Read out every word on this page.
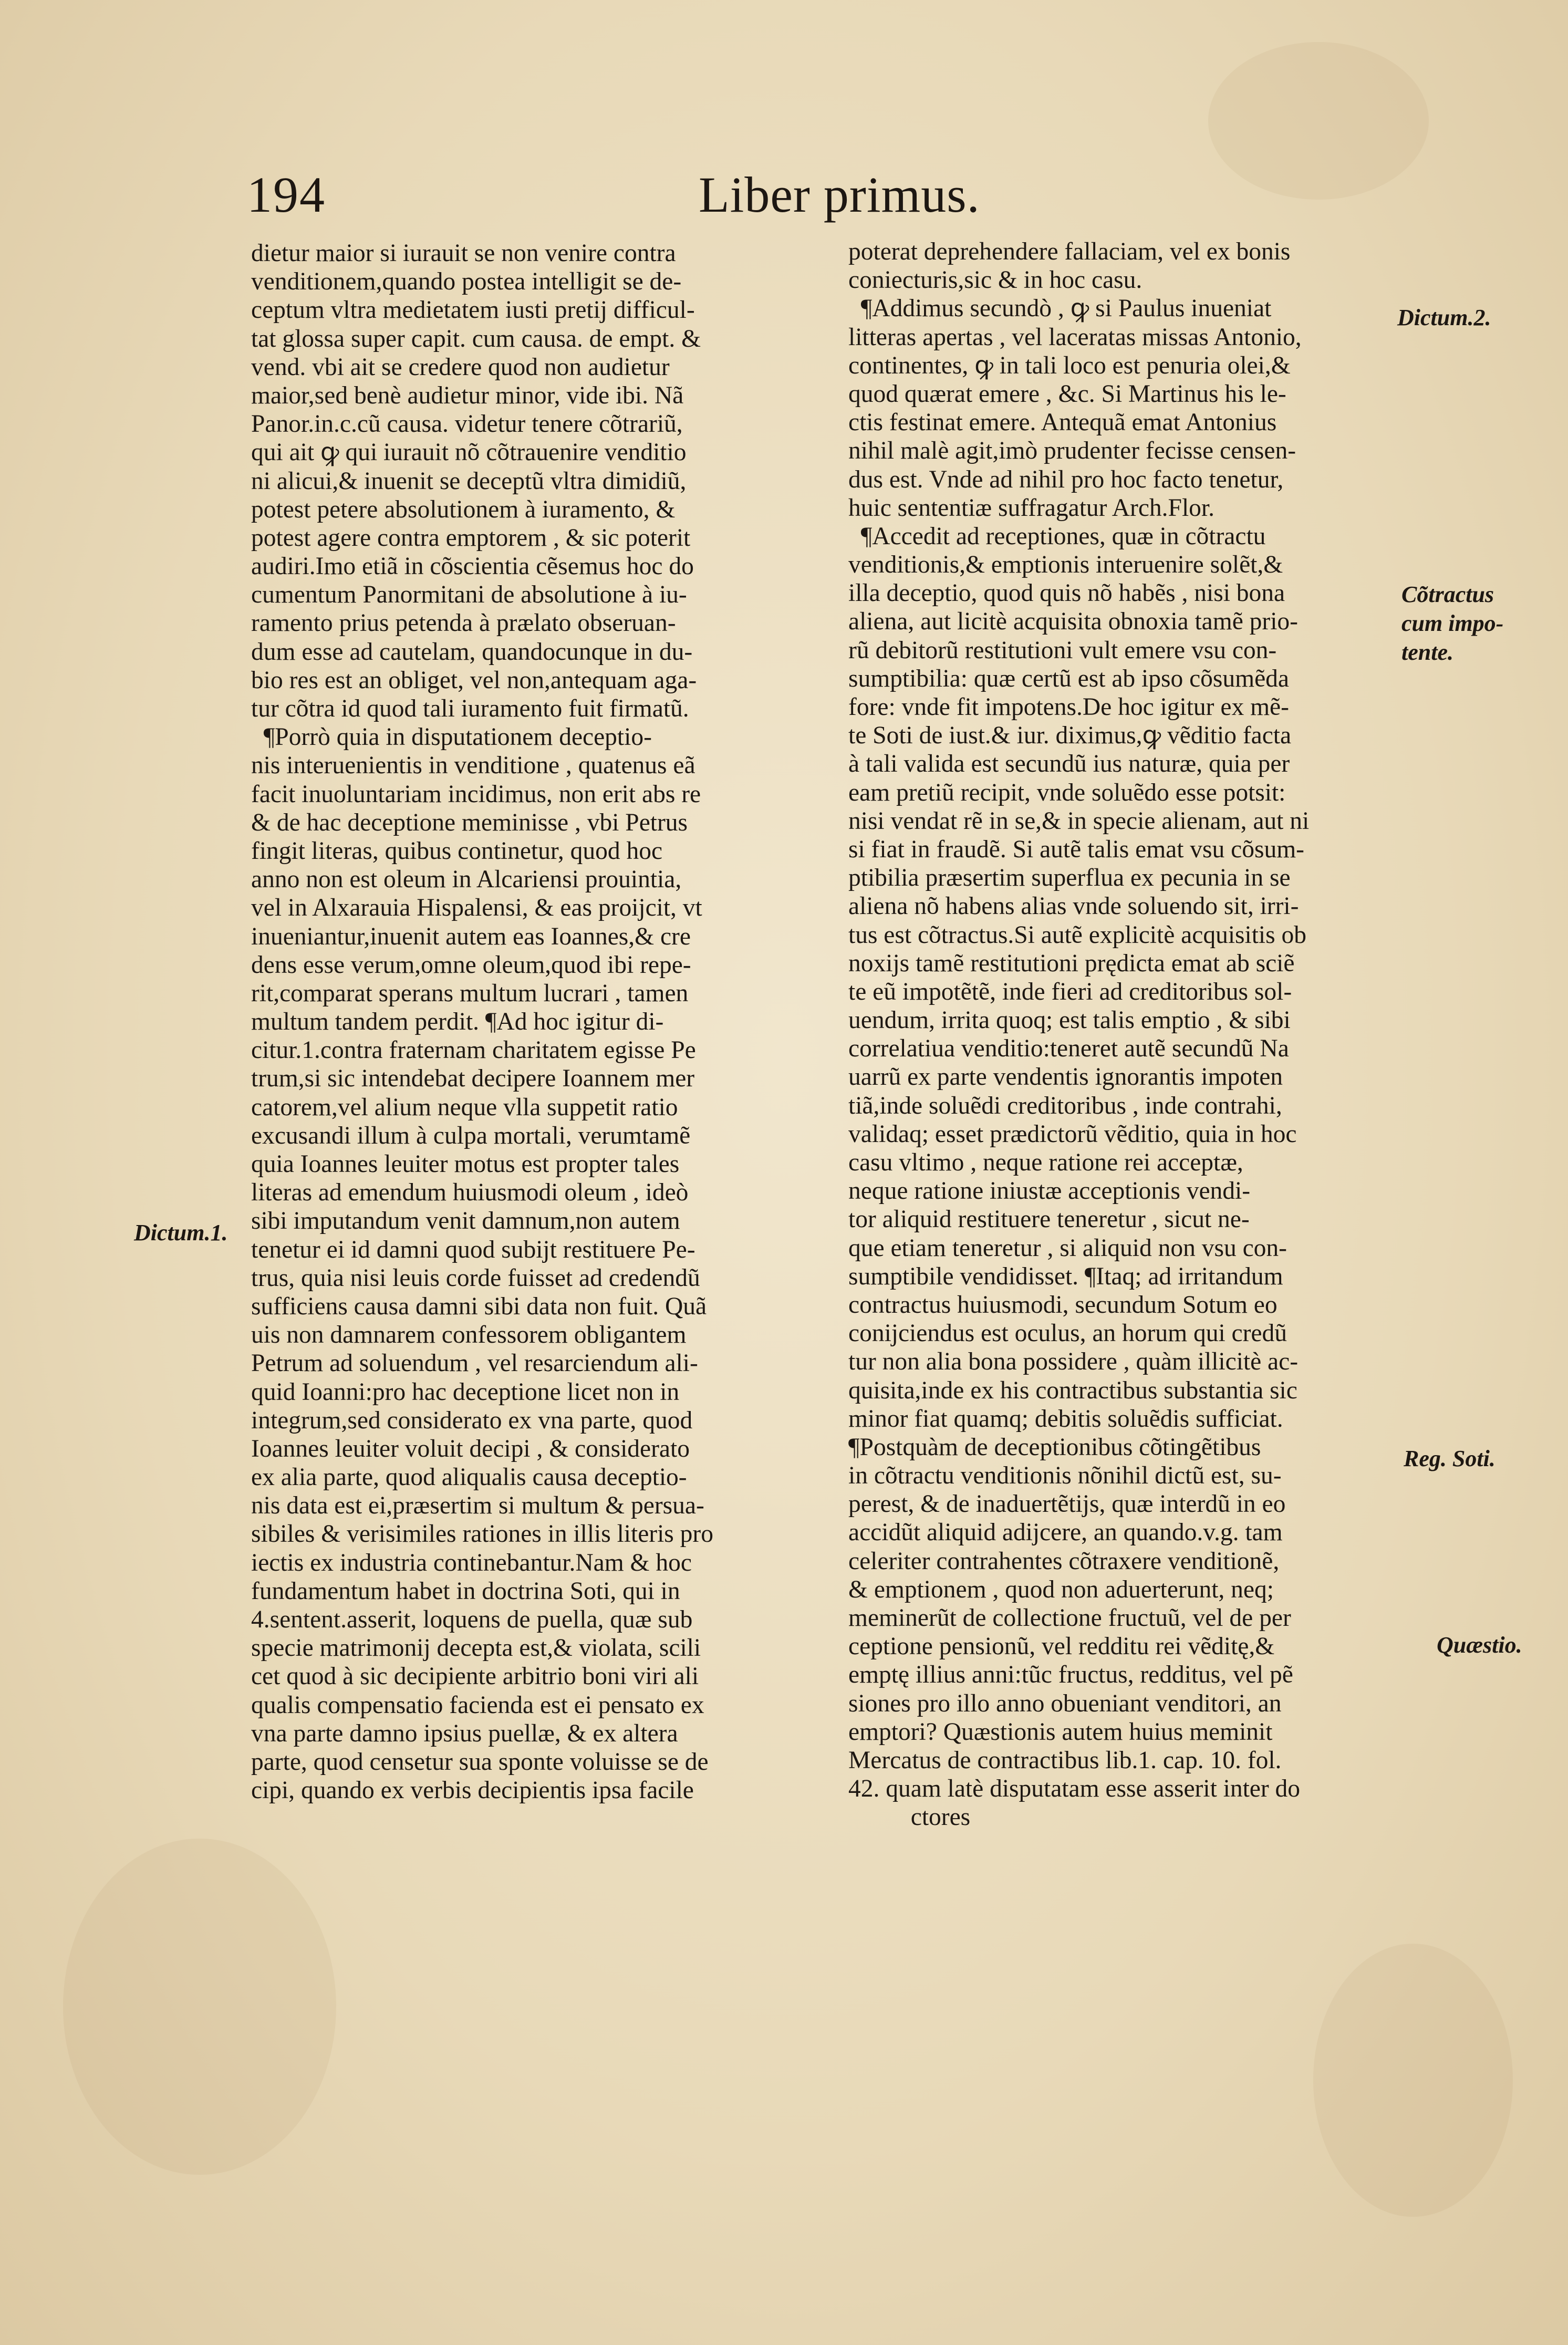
194	Liber primus.
dietur maior si iurauit se non venire contra
venditionem,quando postea intelligit se de-
ceptum vltra medietatem iusti pretij difficul-
tat glossa super capit. cum causa. de empt. &
vend. vbi ait se credere quod non audietur
maior,sed benè audietur minor, vide ibi. Nã
Panor.in.c.cũ causa. videtur tenere cõtrariũ,
qui ait ꝙ qui iurauit nõ cõtrauenire venditio
ni alicui,& inuenit se deceptũ vltra dimidiũ,
potest petere absolutionem à iuramento, &
potest agere contra emptorem , & sic poterit
audiri.Imo etiã in cõscientia cẽsemus hoc do
cumentum Panormitani de absolutione à iu-
ramento prius petenda à prælato obseruan-
dum esse ad cautelam, quandocunque in du-
bio res est an obliget, vel non,antequam aga-
tur cõtra id quod tali iuramento fuit firmatũ.
¶Porrò quia in disputationem deceptio-
nis interuenientis in venditione , quatenus eã
facit inuoluntariam incidimus, non erit abs re
& de hac deceptione meminisse , vbi Petrus
fingit literas, quibus continetur, quod hoc
anno non est oleum in Alcariensi prouintia,
vel in Alxarauia Hispalensi, & eas proijcit, vt
inueniantur,inuenit autem eas Ioannes,& cre
dens esse verum,omne oleum,quod ibi repe-
rit,comparat sperans multum lucrari , tamen
multum tandem perdit. ¶Ad hoc igitur di-
citur.1.contra fraternam charitatem egisse Pe
trum,si sic intendebat decipere Ioannem mer
catorem,vel alium neque vlla suppetit ratio
excusandi illum à culpa mortali, verumtamẽ
quia Ioannes leuiter motus est propter tales
literas ad emendum huiusmodi oleum , ideò
sibi imputandum venit damnum,non autem
tenetur ei id damni quod subijt restituere Pe-
trus, quia nisi leuis corde fuisset ad credendũ
sufficiens causa damni sibi data non fuit. Quã
uis non damnarem confessorem obligantem
Petrum ad soluendum , vel resarciendum ali-
quid Ioanni:pro hac deceptione licet non in
integrum,sed considerato ex vna parte, quod
Ioannes leuiter voluit decipi , & considerato
ex alia parte, quod aliqualis causa deceptio-
nis data est ei,præsertim si multum & persua-
sibiles & verisimiles rationes in illis literis pro
iectis ex industria continebantur.Nam & hoc
fundamentum habet in doctrina Soti, qui in
4.sentent.asserit, loquens de puella, quæ sub
specie matrimonij decepta est,& violata, scili
cet quod à sic decipiente arbitrio boni viri ali
qualis compensatio facienda est ei pensato ex
vna parte damno ipsius puellæ, & ex altera
parte, quod censetur sua sponte voluisse se de
cipi, quando ex verbis decipientis ipsa facile
poterat deprehendere fallaciam, vel ex bonis
coniecturis,sic & in hoc casu.
¶Addimus secundò , ꝙ si Paulus inueniat
litteras apertas , vel laceratas missas Antonio,
continentes, ꝙ in tali loco est penuria olei,&
quod quærat emere , &c. Si Martinus his le-
ctis festinat emere. Antequã emat Antonius
nihil malè agit,imò prudenter fecisse censen-
dus est. Vnde ad nihil pro hoc facto tenetur,
huic sententiæ suffragatur Arch.Flor.
¶Accedit ad receptiones, quæ in cõtractu
venditionis,& emptionis interuenire solẽt,&
illa deceptio, quod quis nõ habẽs , nisi bona
aliena, aut licitè acquisita obnoxia tamẽ prio-
rũ debitorũ restitutioni vult emere vsu con-
sumptibilia: quæ certũ est ab ipso cõsumẽda
fore: vnde fit impotens.De hoc igitur ex mẽ-
te Soti de iust.& iur. diximus,ꝙ vẽditio facta
à tali valida est secundũ ius naturæ, quia per
eam pretiũ recipit, vnde soluẽdo esse potsit:
nisi vendat rẽ in se,& in specie alienam, aut ni
si fiat in fraudẽ. Si autẽ talis emat vsu cõsum-
ptibilia præsertim superflua ex pecunia in se
aliena nõ habens alias vnde soluendo sit, irri-
tus est cõtractus.Si autẽ explicitè acquisitis ob
noxijs tamẽ restitutioni prędicta emat ab sciẽ
te eũ impotẽtẽ, inde fieri ad creditoribus sol-
uendum, irrita quoq; est talis emptio , & sibi
correlatiua venditio:teneret autẽ secundũ Na
uarrũ ex parte vendentis ignorantis impoten
tiã,inde soluẽdi creditoribus , inde contrahi,
validaq; esset prædictorũ vẽditio, quia in hoc
casu vltimo , neque ratione rei acceptæ,
neque ratione iniustæ acceptionis vendi-
tor aliquid restituere teneretur , sicut ne-
que etiam teneretur , si aliquid non vsu con-
sumptibile vendidisset. ¶Itaq; ad irritandum
contractus huiusmodi, secundum Sotum eo
conijciendus est oculus, an horum qui credũ
tur non alia bona possidere , quàm illicitè ac-
quisita,inde ex his contractibus substantia sic
minor fiat quamq; debitis soluẽdis sufficiat.
¶Postquàm de deceptionibus cõtingẽtibus
in cõtractu venditionis nõnihil dictũ est, su-
perest, & de inaduertẽtijs, quæ interdũ in eo
accidũt aliquid adijcere, an quando.v.g. tam
celeriter contrahentes cõtraxere venditionẽ,
& emptionem , quod non aduerterunt, neq;
meminerũt de collectione fructuũ, vel de per
ceptione pensionũ, vel redditu rei vẽditę,&
emptę illius anni:tũc fructus, redditus, vel pẽ
siones pro illo anno obueniant venditori, an
emptori? Quæstionis autem huius meminit
Mercatus de contractibus lib.1. cap. 10. fol.
42. quam latè disputatam esse asserit inter do
ctores
Dictum.1.
Dictum.2.
Cõtractus
cum impo-
tente.
Reg. Soti.
Quæstio.
